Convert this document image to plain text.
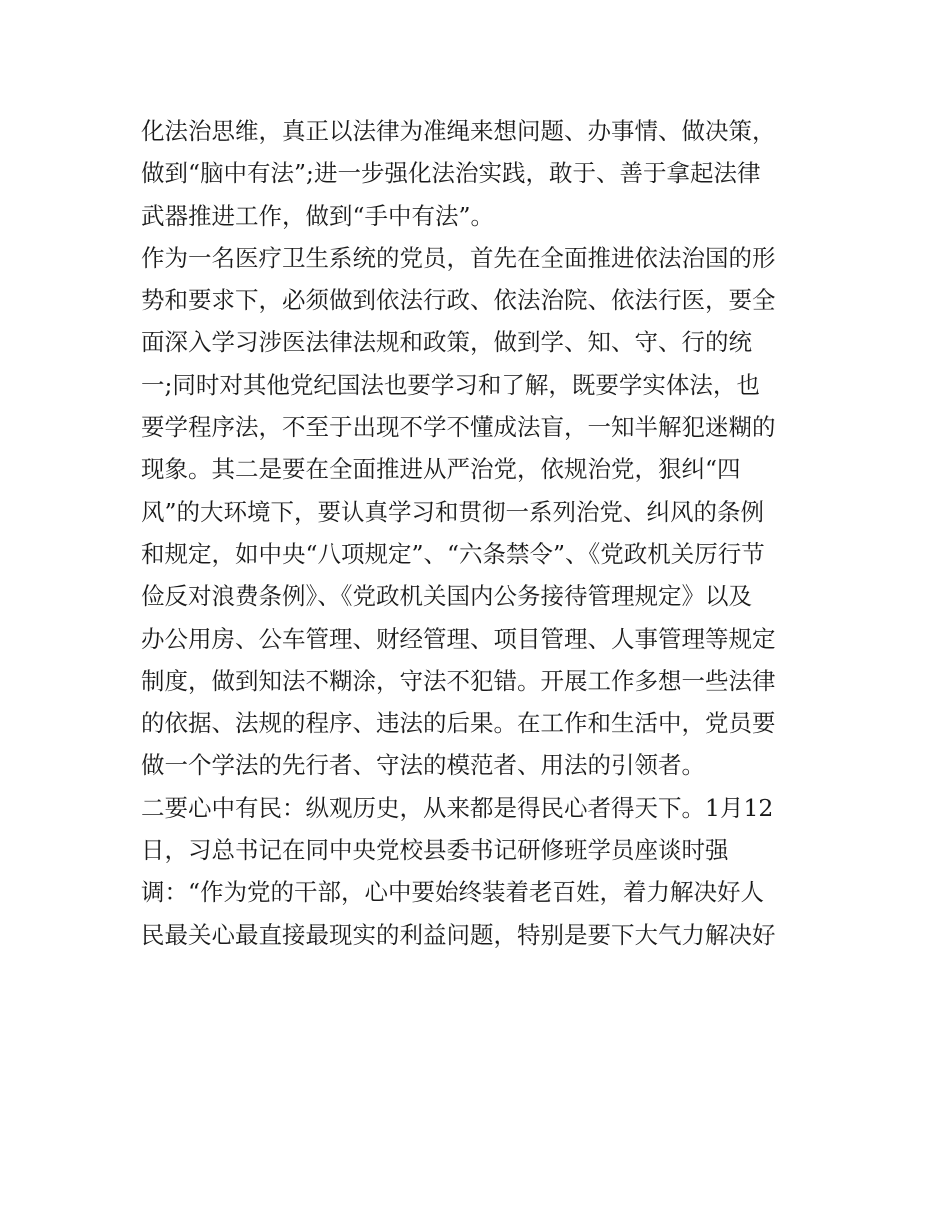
化法治思维，真正以法律为准绳来想问题、办事情、做决策，
做到“脑中有法”;进一步强化法治实践，敢于、善于拿起法律
武器推进工作，做到“手中有法”。
作为一名医疗卫生系统的党员，首先在全面推进依法治国的形
势和要求下，必须做到依法行政、依法治院、依法行医，要全
面深入学习涉医法律法规和政策，做到学、知、守、行的统
一;同时对其他党纪国法也要学习和了解，既要学实体法，也
要学程序法，不至于出现不学不懂成法盲，一知半解犯迷糊的
现象。其二是要在全面推进从严治党，依规治党，狠纠“四
风”的大环境下，要认真学习和贯彻一系列治党、纠风的条例
和规定，如中央“八项规定”、“六条禁令”、《党政机关厉行节
俭反对浪费条例》、《党政机关国内公务接待管理规定》以及
办公用房、公车管理、财经管理、项目管理、人事管理等规定
制度，做到知法不糊涂，守法不犯错。开展工作多想一些法律
的依据、法规的程序、违法的后果。在工作和生活中，党员要
做一个学法的先行者、守法的模范者、用法的引领者。
二要心中有民：纵观历史，从来都是得民心者得天下。1月12
日，习总书记在同中央党校县委书记研修班学员座谈时强
调：“作为党的干部，心中要始终装着老百姓，着力解决好人
民最关心最直接最现实的利益问题，特别是要下大气力解决好
